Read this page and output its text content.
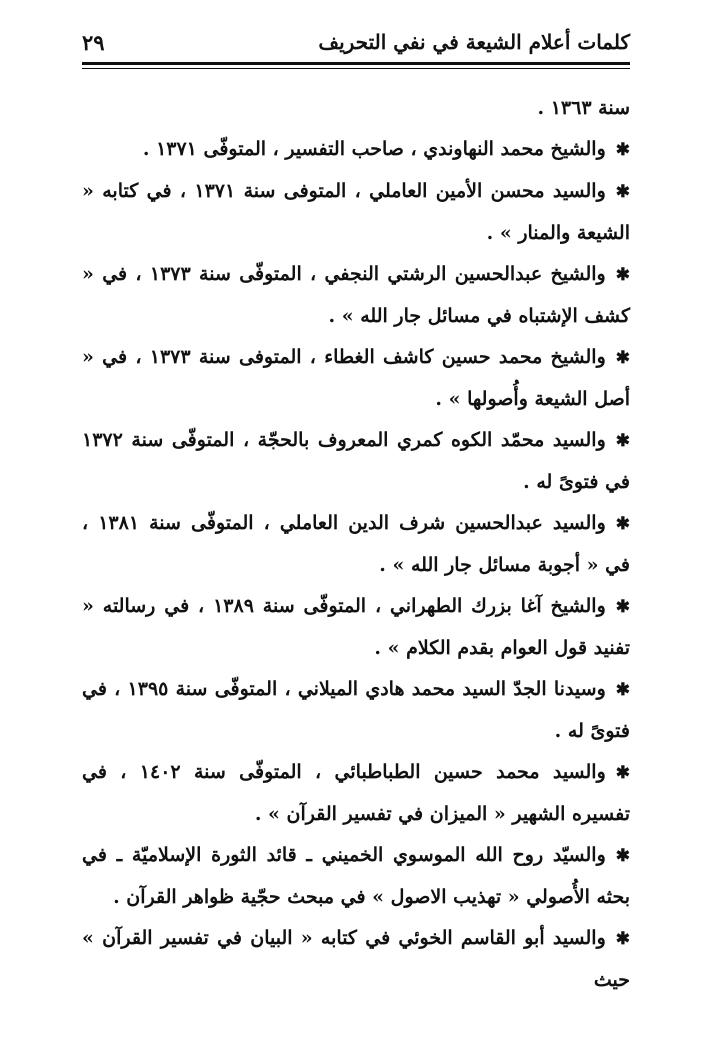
كلمات أعلام الشيعة في نفي التحريف
٢٩

سنة ١٣٦٣ .

✱والشيخ محمد النهاوندي ، صاحب التفسير ، المتوفّى ١٣٧١ .

✱والسيد محسن الأمين العاملي ، المتوفى سنة ١٣٧١ ، في كتابه « الشيعة والمنار » .

✱والشيخ عبدالحسين الرشتي النجفي ، المتوفّى سنة ١٣٧٣ ، في « كشف الإشتباه في مسائل جار الله » .

✱والشيخ محمد حسين كاشف الغطاء ، المتوفى سنة ١٣٧٣ ، في « أصل الشيعة وأُصولها » .

✱والسيد محمّد الكوه كمري المعروف بالحجّة ، المتوفّى سنة ١٣٧٢ في فتوىً له .

✱والسيد عبدالحسين شرف الدين العاملي ، المتوفّى سنة ١٣٨١ ، في « أجوبة مسائل جار الله » .

✱والشيخ آغا بزرك الطهراني ، المتوفّى سنة ١٣٨٩ ، في رسالته « تفنيد قول العوام بقدم الكلام » .

✱وسيدنا الجدّ السيد محمد هادي الميلاني ، المتوفّى سنة ١٣٩٥ ، في فتوىً له .

✱والسيد محمد حسين الطباطبائي ، المتوفّى سنة ١٤٠٢ ، في تفسيره الشهير « الميزان في تفسير القرآن » .

✱والسيّد روح الله الموسوي الخميني ـ قائد الثورة الإسلاميّة ـ في بحثه الأُصولي « تهذيب الاصول » في مبحث حجّية ظواهر القرآن .

✱والسيد أبو القاسم الخوئي في كتابه « البيان في تفسير القرآن » حيث
